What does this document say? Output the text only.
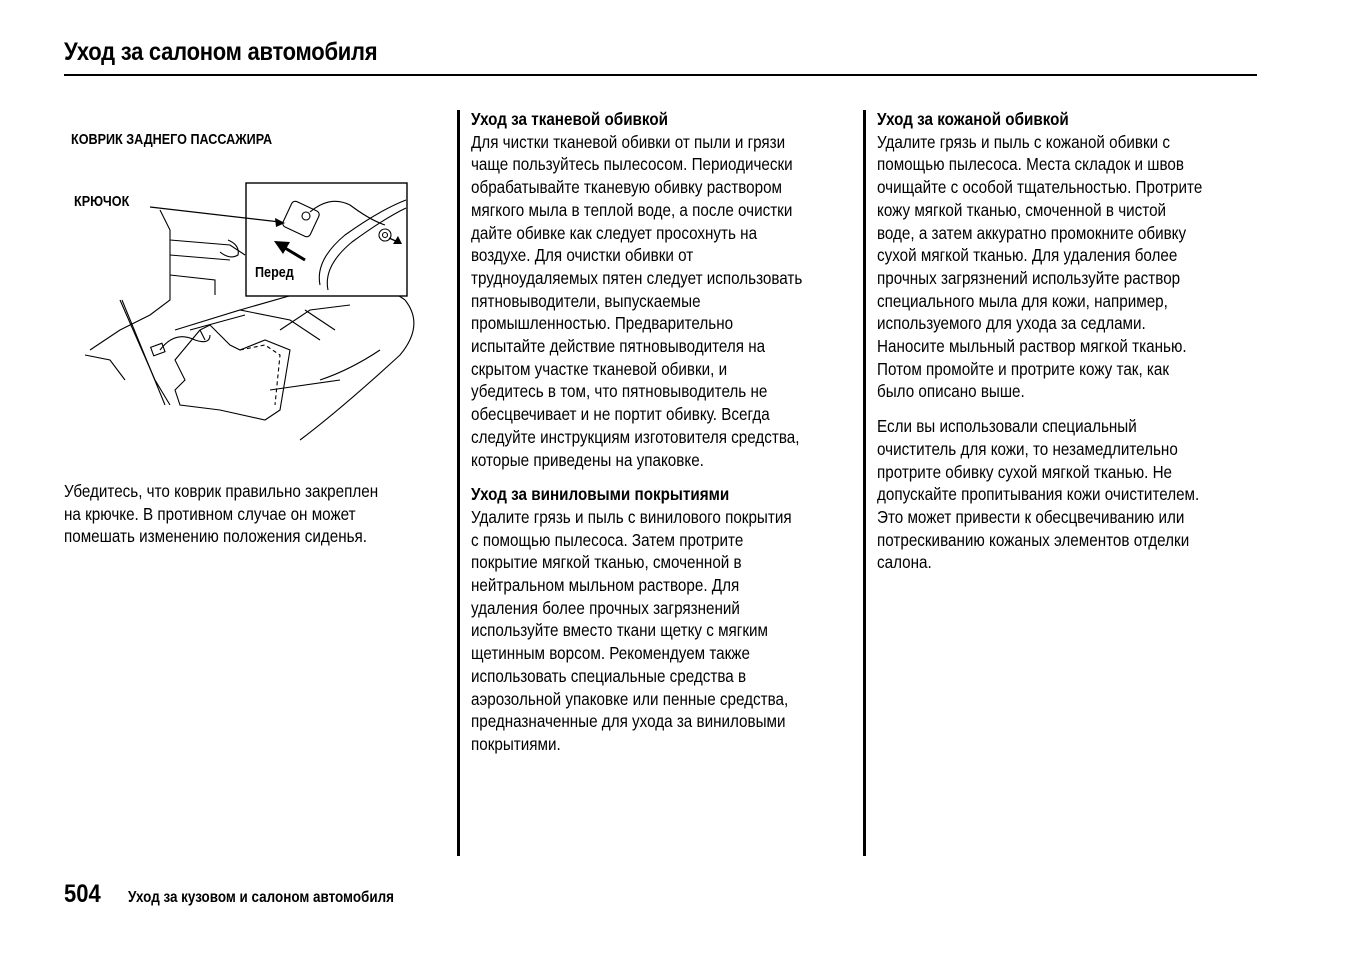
Уход за салоном автомобиля
КОВРИК ЗАДНЕГО ПАССАЖИРА
КРЮЧОК
Перед

Убедитесь, что коврик правильно закреплен

на крючке. В противном случае он может

помешать изменению положения сиденья.

Уход за тканевой обивкой

Для чистки тканевой обивки от пыли и грязи

чаще пользуйтесь пылесосом. Периодически

обрабатывайте тканевую обивку раствором

мягкого мыла в теплой воде, а после очистки

дайте обивке как следует просохнуть на

воздухе. Для очистки обивки от

трудноудаляемых пятен следует использовать

пятновыводители, выпускаемые

промышленностью. Предварительно

испытайте действие пятновыводителя на

скрытом участке тканевой обивки, и

убедитесь в том, что пятновыводитель не

обесцвечивает и не портит обивку. Всегда

следуйте инструкциям изготовителя средства,

которые приведены на упаковке.

Уход за виниловыми покрытиями

Удалите грязь и пыль с винилового покрытия

с помощью пылесоса. Затем протрите

покрытие мягкой тканью, смоченной в

нейтральном мыльном растворе. Для

удаления более прочных загрязнений

используйте вместо ткани щетку с мягким

щетинным ворсом. Рекомендуем также

использовать специальные средства в

аэрозольной упаковке или пенные средства,

предназначенные для ухода за виниловыми

покрытиями.

Уход за кожаной обивкой

Удалите грязь и пыль с кожаной обивки с

помощью пылесоса. Места складок и швов

очищайте с особой тщательностью. Протрите

кожу мягкой тканью, смоченной в чистой

воде, а затем аккуратно промокните обивку

сухой мягкой тканью. Для удаления более

прочных загрязнений используйте раствор

специального мыла для кожи, например,

используемого для ухода за седлами.

Наносите мыльный раствор мягкой тканью.

Потом промойте и протрите кожу так, как

было описано выше.

Если вы использовали специальный

очиститель для кожи, то незамедлительно

протрите обивку сухой мягкой тканью. Не

допускайте пропитывания кожи очистителем.

Это может привести к обесцвечиванию или

потрескиванию кожаных элементов отделки

салона.

504 Уход за кузовом и салоном автомобиля
